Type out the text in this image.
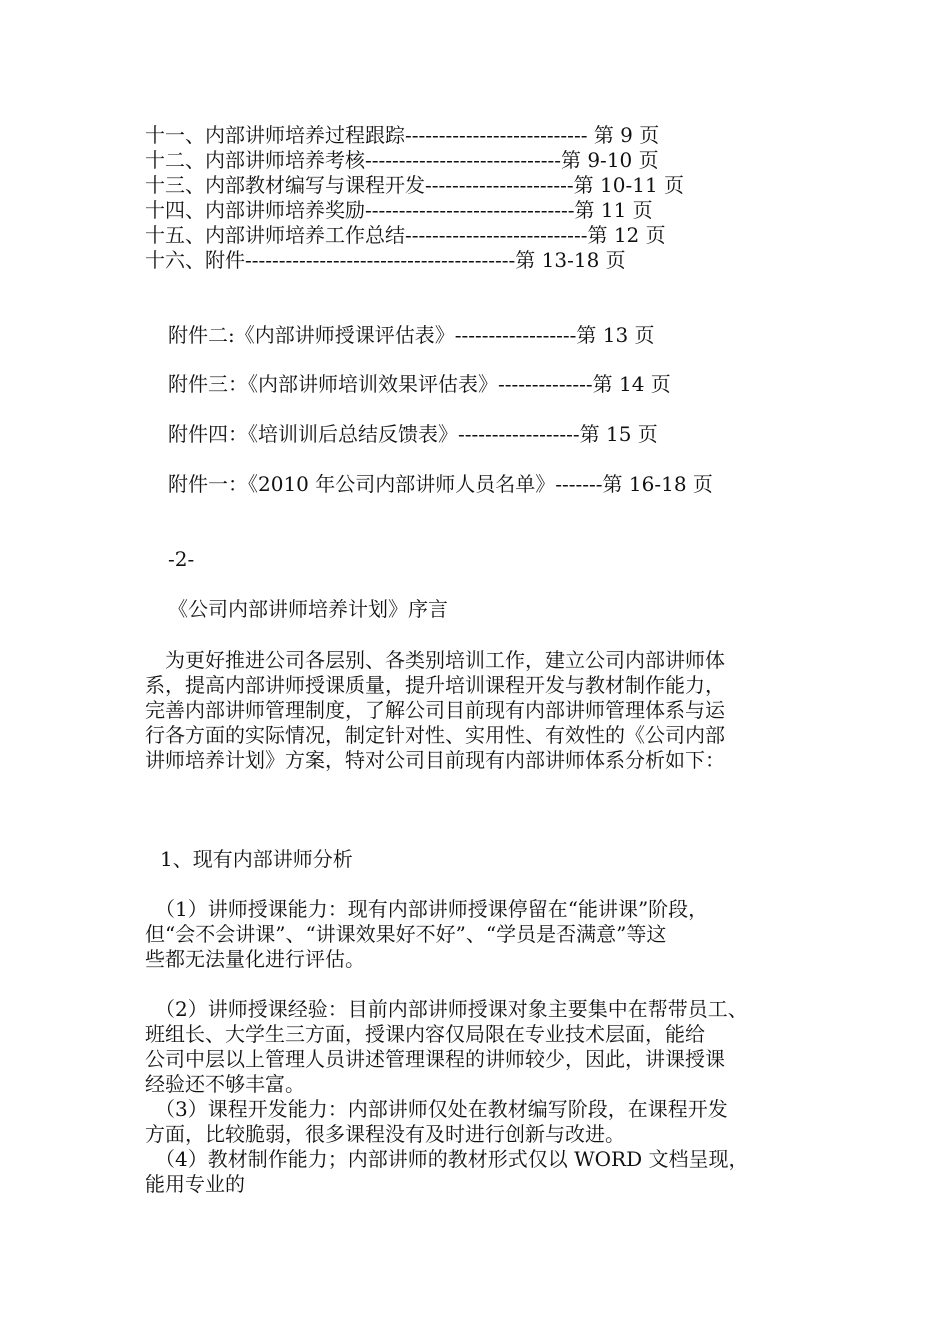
十一、内部讲师培养过程跟踪--------------------------- 第 9 页
十二、内部讲师培养考核-----------------------------第 9-10 页
十三、内部教材编写与课程开发----------------------第 10-11 页
十四、内部讲师培养奖励-------------------------------第 11 页
十五、内部讲师培养工作总结---------------------------第 12 页
十六、附件----------------------------------------第 13-18 页
附件二:《内部讲师授课评估表》------------------第 13 页
附件三：《内部讲师培训效果评估表》--------------第 14 页
附件四：《培训训后总结反馈表》------------------第 15 页
附件一：《2010 年公司内部讲师人员名单》-------第 16-18 页
-2-
《公司内部讲师培养计划》序言
　为更好推进公司各层别、各类别培训工作，建立公司内部讲师体
系，提高内部讲师授课质量，提升培训课程开发与教材制作能力，
完善内部讲师管理制度，了解公司目前现有内部讲师管理体系与运
行各方面的实际情况，制定针对性、实用性、有效性的《公司内部
讲师培养计划》方案，特对公司目前现有内部讲师体系分析如下：
1、现有内部讲师分析
　（1）讲师授课能力：现有内部讲师授课停留在“能讲课”阶段，
但“会不会讲课”、“讲课效果好不好”、“学员是否满意”等这
些都无法量化进行评估。
　（2）讲师授课经验：目前内部讲师授课对象主要集中在帮带员工、
班组长、大学生三方面，授课内容仅局限在专业技术层面，能给
公司中层以上管理人员讲述管理课程的讲师较少，因此，讲课授课
经验还不够丰富。
　（3）课程开发能力：内部讲师仅处在教材编写阶段，在课程开发
方面，比较脆弱，很多课程没有及时进行创新与改进。
　（4）教材制作能力；内部讲师的教材形式仅以 WORD 文档呈现，
能用专业的
